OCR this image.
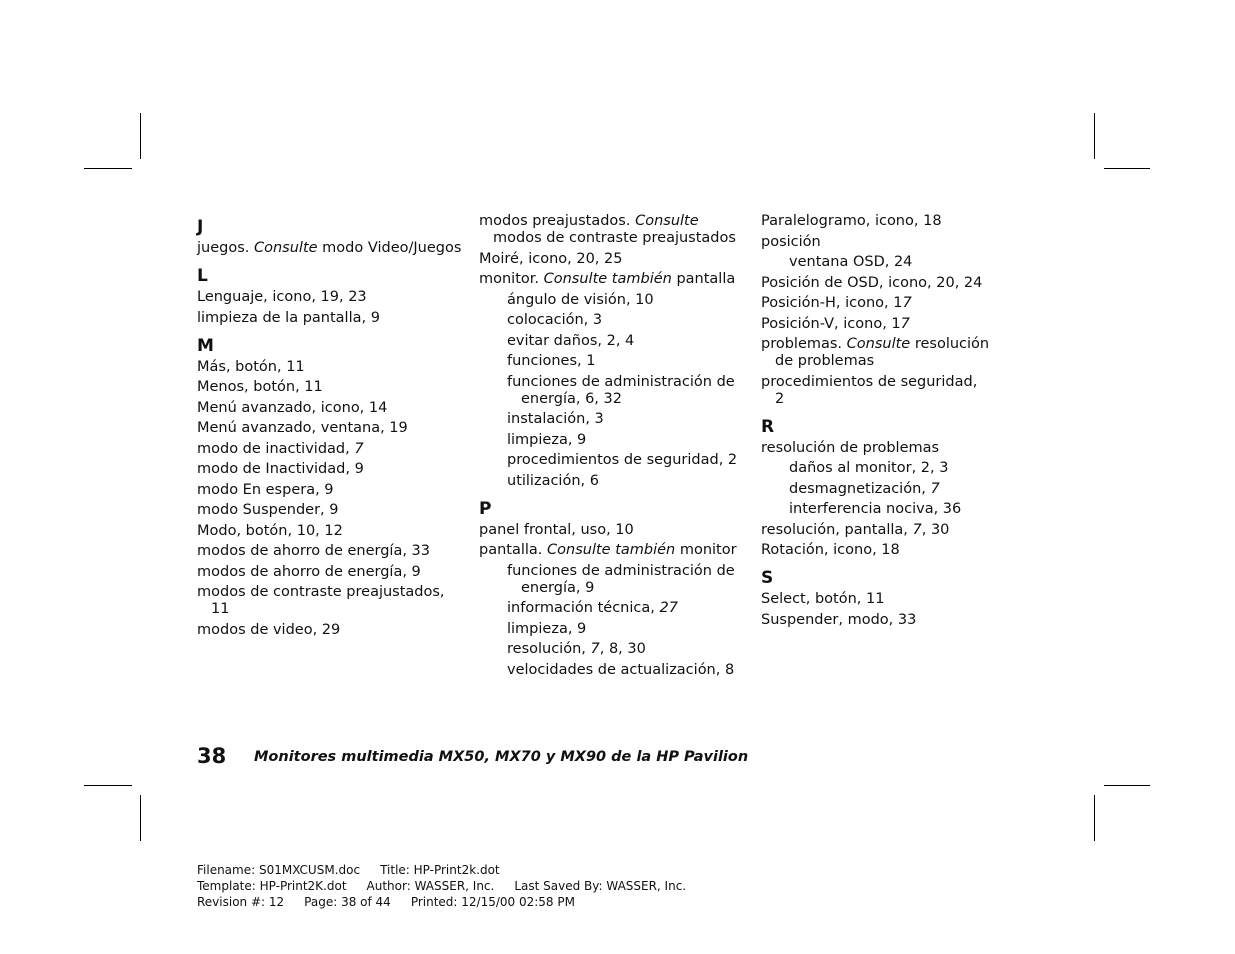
J
juegos. Consulte modo Video/Juegos
L
Lenguaje, icono, 19, 23
limpieza de la pantalla, 9
M
Más, botón, 11
Menos, botón, 11
Menú avanzado, icono, 14
Menú avanzado, ventana, 19
modo de inactividad, 7
modo de Inactividad, 9
modo En espera, 9
modo Suspender, 9
Modo, botón, 10, 12
modos de ahorro de energía, 33
modos de ahorro de energía, 9
modos de contraste preajustados, 11
modos de video, 29
modos preajustados. Consulte modos de contraste preajustados
Moiré, icono, 20, 25
monitor. Consulte también pantalla
ángulo de visión, 10
colocación, 3
evitar daños, 2, 4
funciones, 1
funciones de administración de energía, 6, 32
instalación, 3
limpieza, 9
procedimientos de seguridad, 2
utilización, 6
P
panel frontal, uso, 10
pantalla. Consulte también monitor
funciones de administración de energía, 9
información técnica, 27
limpieza, 9
resolución, 7, 8, 30
velocidades de actualización, 8
Paralelogramo, icono, 18
posición
ventana OSD, 24
Posición de OSD, icono, 20, 24
Posición-H, icono, 17
Posición-V, icono, 17
problemas. Consulte resolución de problemas
procedimientos de seguridad, 2
R
resolución de problemas
daños al monitor, 2, 3
desmagnetización, 7
interferencia nociva, 36
resolución, pantalla, 7, 30
Rotación, icono, 18
S
Select, botón, 11
Suspender, modo, 33
38 Monitores multimedia MX50, MX70 y MX90 de la HP Pavilion
Filename: S01MXCUSM.doc Title: HP-Print2k.dot
Template: HP-Print2K.dot Author: WASSER, Inc. Last Saved By: WASSER, Inc.
Revision #: 12 Page: 38 of 44 Printed: 12/15/00 02:58 PM
